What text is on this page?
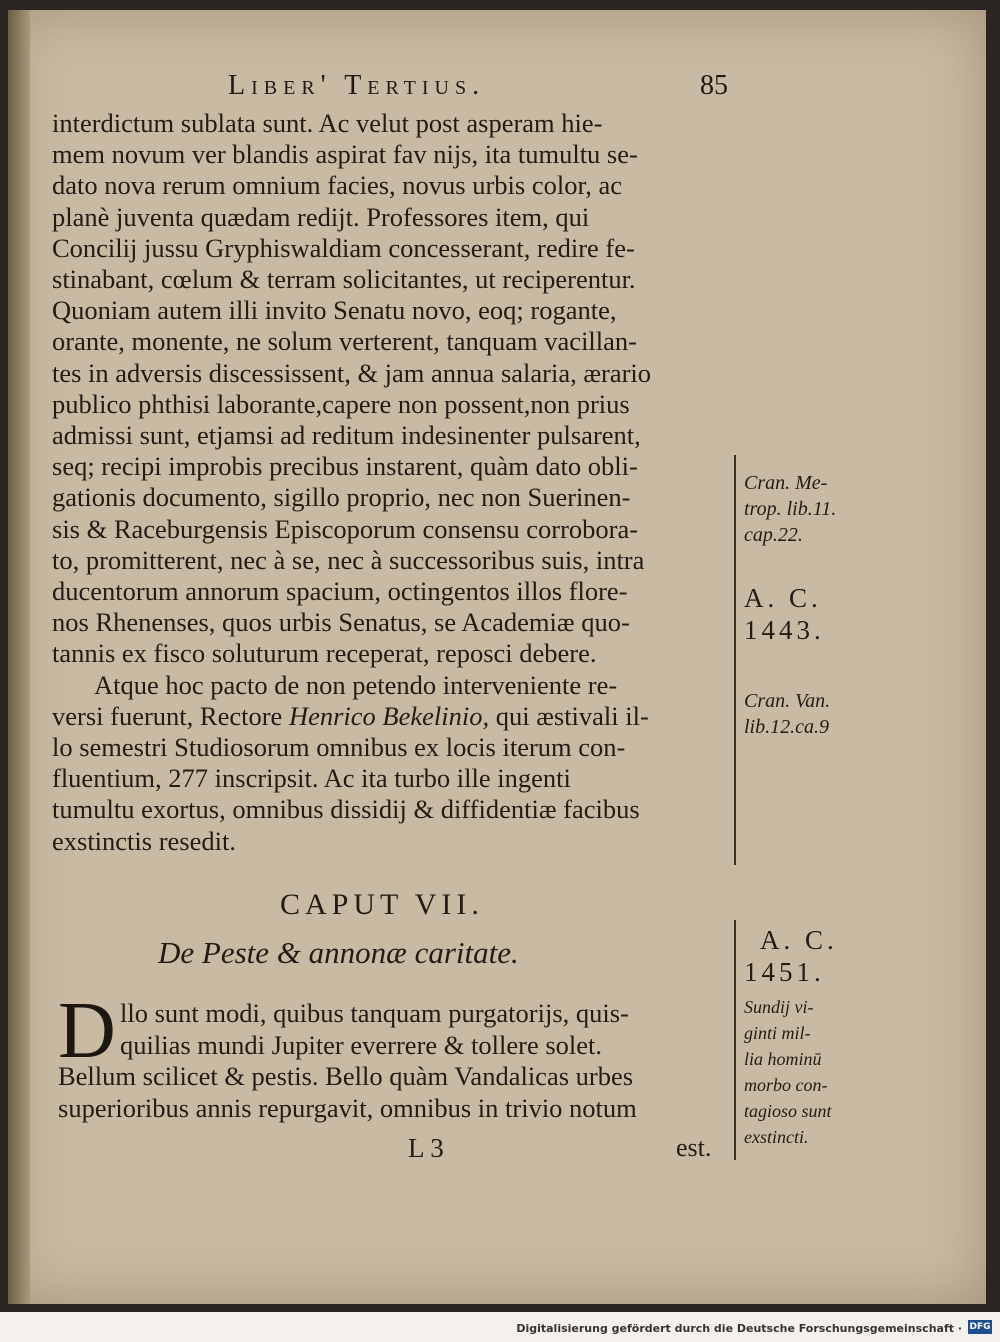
Liber' Tertius.	85
interdictum sublata sunt. Ac velut post asperam hie-
mem novum ver blandis aspirat fav nijs, ita tumultu se-
dato nova rerum omnium facies, novus urbis color, ac
planè juventa quædam redijt. Professores item, qui
Concilij jussu Gryphiswaldiam concesserant, redire fe-
stinabant, cœlum & terram solicitantes, ut reciperentur.
Quoniam autem illi invito Senatu novo, eoq; rogante,
orante, monente, ne solum verterent, tanquam vacillan-
tes in adversis discessissent, & jam annua salaria, ærario
publico phthisi laborante,capere non possent,non prius
admissi sunt, etjamsi ad reditum indesinenter pulsarent,
seq; recipi improbis precibus instarent, quàm dato obli-
gationis documento, sigillo proprio, nec non Suerinen-
sis & Raceburgensis Episcoporum consensu corrobora-
to, promitterent, nec à se, nec à successoribus suis, intra
ducentorum annorum spacium, octingentos illos flore-
nos Rhenenses, quos urbis Senatus, se Academiæ quo-
tannis ex fisco soluturum receperat, reposci debere.
Atque hoc pacto de non petendo interveniente re-
versi fuerunt, Rectore Henrico Bekelinio, qui æstivali il-
lo semestri Studiosorum omnibus ex locis iterum con-
fluentium, 277 inscripsit. Ac ita turbo ille ingenti
tumultu exortus, omnibus dissidij & diffidentiæ facibus
exstinctis resedit.
CAPUT VII.
De Peste & annonæ caritate.
D llo sunt modi, quibus tanquam purgatorijs, quis-
quilias mundi Jupiter everrere & tollere solet.
Bellum scilicet & pestis. Bello quàm Vandalicas urbes
superioribus annis repurgavit, omnibus in trivio notum
L 3	est.
Cran. Me-
trop. lib.11.
cap.22.
A. C.
1443.
Cran. Van.
lib.12.ca.9
A. C.
1451.
Sundij vi-
ginti mil-
lia hominū
morbo con-
tagioso sunt
exstincti.
Digitalisierung gefördert durch die Deutsche Forschungsgemeinschaft · DFG
